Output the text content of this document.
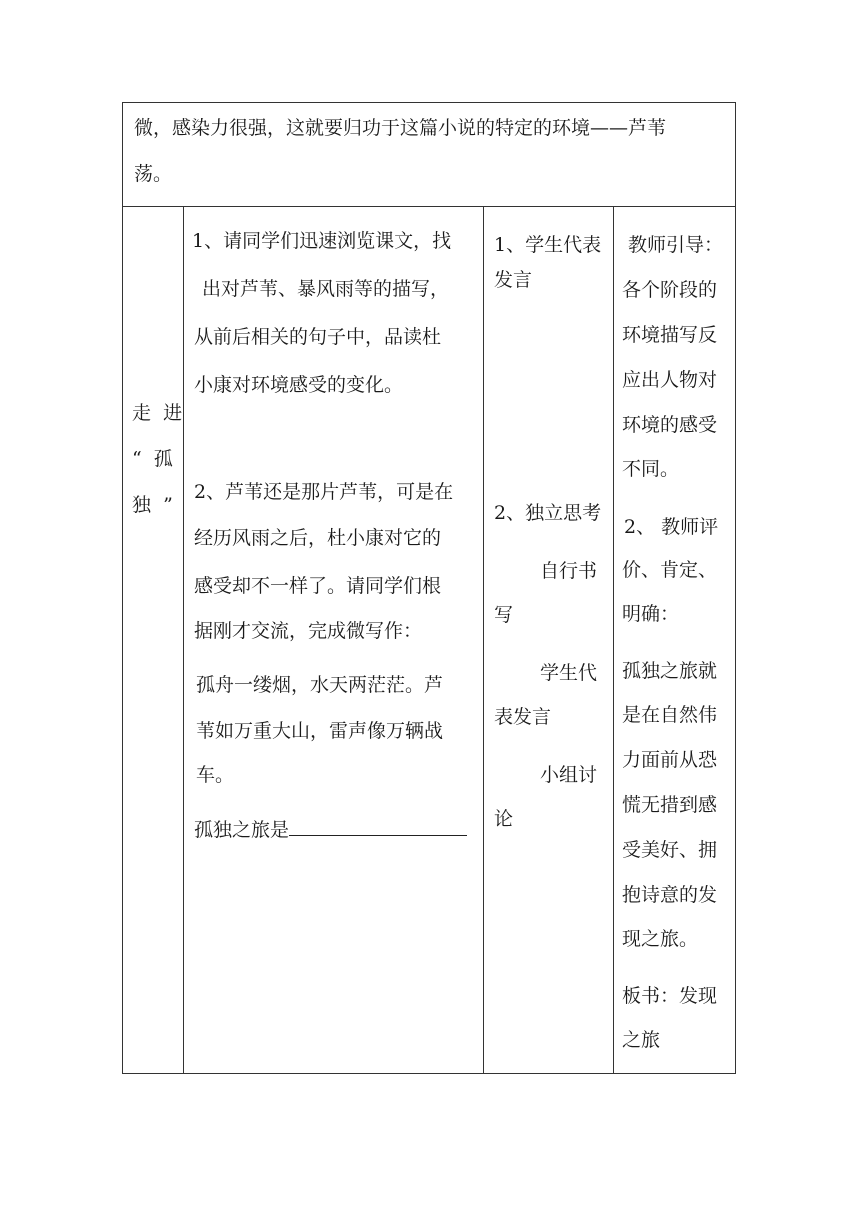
微，感染力很强，这就要归功于这篇小说的特定的环境——芦苇

荡。

走  进

“  孤

独  ”

1、请同学们迅速浏览课文，找

出对芦苇、暴风雨等的描写，

从前后相关的句子中，品读杜

小康对环境感受的变化。

2、芦苇还是那片芦苇，可是在

经历风雨之后，杜小康对它的

感受却不一样了。请同学们根

据刚才交流，完成微写作：

孤舟一缕烟，水天两茫茫。芦

苇如万重大山，雷声像万辆战

车。

孤独之旅是

1、学生代表

发言

2、独立思考

自行书

写

学生代

表发言

小组讨

论

教师引导：

各个阶段的

环境描写反

应出人物对

环境的感受

不同。

2、 教师评

价、肯定、

明确：

孤独之旅就

是在自然伟

力面前从恐

慌无措到感

受美好、拥

抱诗意的发

现之旅。

板书：发现

之旅
